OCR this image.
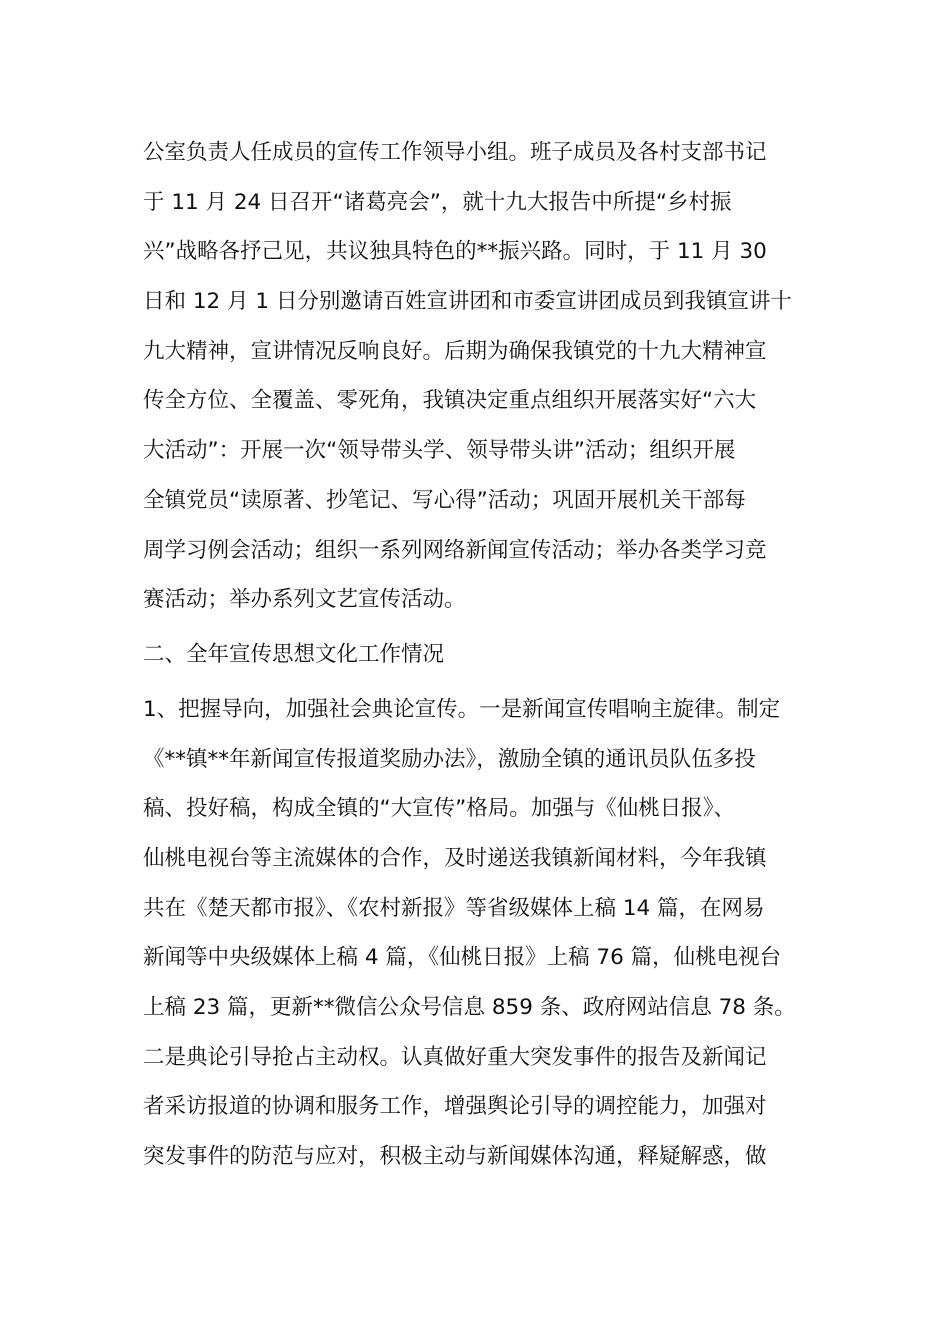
公室负责人任成员的宣传工作领导小组。班子成员及各村支部书记
于 11 月 24 日召开“诸葛亮会”，就十九大报告中所提“乡村振
兴”战略各抒己见，共议独具特色的**振兴路。同时，于 11 月 30
日和 12 月 1 日分别邀请百姓宣讲团和市委宣讲团成员到我镇宣讲十
九大精神，宣讲情况反响良好。后期为确保我镇党的十九大精神宣
传全方位、全覆盖、零死角，我镇决定重点组织开展落实好“六大
大活动”：开展一次“领导带头学、领导带头讲”活动；组织开展
全镇党员“读原著、抄笔记、写心得”活动；巩固开展机关干部每
周学习例会活动；组织一系列网络新闻宣传活动；举办各类学习竞
赛活动；举办系列文艺宣传活动。
二、全年宣传思想文化工作情况
1、把握导向，加强社会典论宣传。一是新闻宣传唱响主旋律。制定
《**镇**年新闻宣传报道奖励办法》，激励全镇的通讯员队伍多投
稿、投好稿，构成全镇的“大宣传”格局。加强与《仙桃日报》、
仙桃电视台等主流媒体的合作，及时递送我镇新闻材料，今年我镇
共在《楚天都市报》、《农村新报》等省级媒体上稿 14 篇，在网易
新闻等中央级媒体上稿 4 篇，《仙桃日报》上稿 76 篇，仙桃电视台
上稿 23 篇，更新**微信公众号信息 859 条、政府网站信息 78 条。
二是典论引导抢占主动权。认真做好重大突发事件的报告及新闻记
者采访报道的协调和服务工作，增强舆论引导的调控能力，加强对
突发事件的防范与应对，积极主动与新闻媒体沟通，释疑解惑，做
